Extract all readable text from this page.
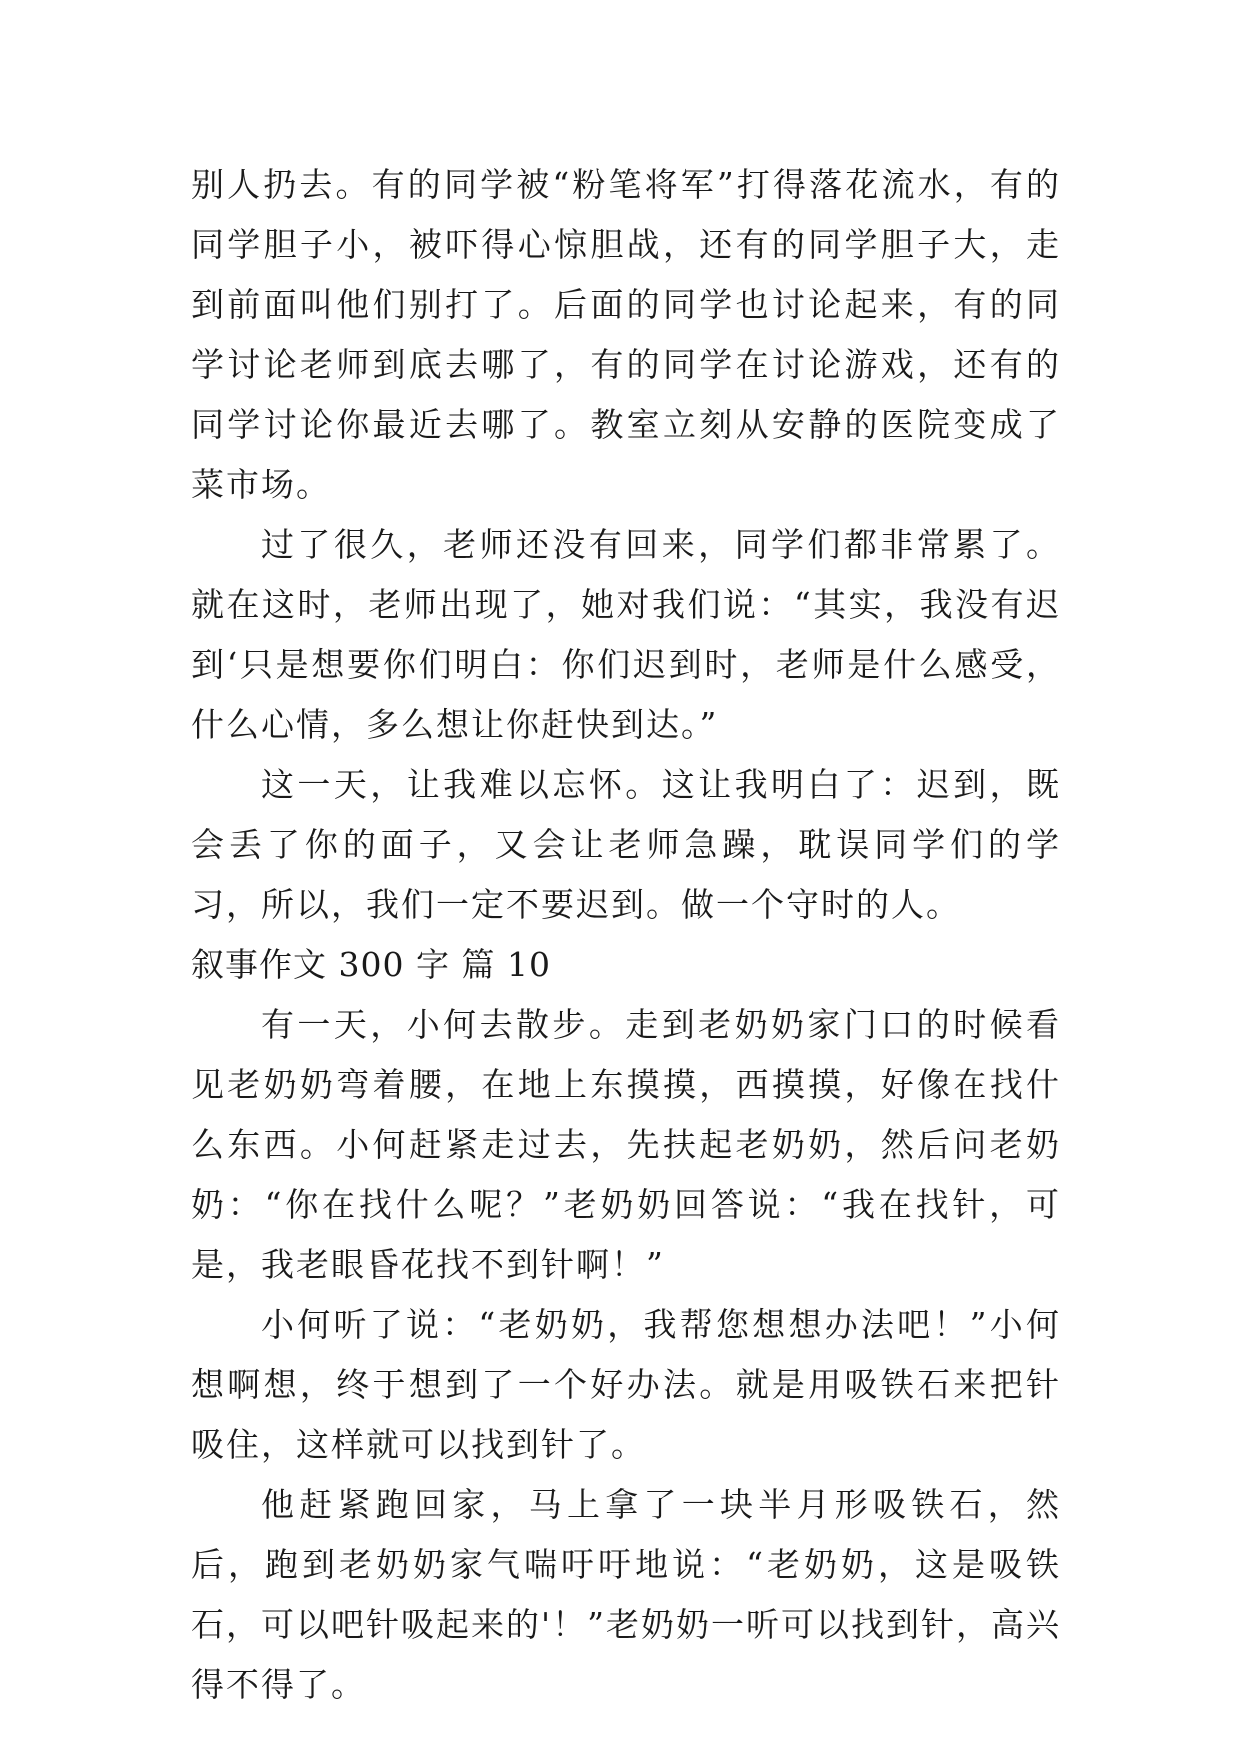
别人扔去。有的同学被“粉笔将军”打得落花流水，有的同学胆子小，被吓得心惊胆战，还有的同学胆子大，走到前面叫他们别打了。后面的同学也讨论起来，有的同学讨论老师到底去哪了，有的同学在讨论游戏，还有的同学讨论你最近去哪了。教室立刻从安静的医院变成了菜市场。

过了很久，老师还没有回来，同学们都非常累了。就在这时，老师出现了，她对我们说：“其实，我没有迟到‘只是想要你们明白：你们迟到时，老师是什么感受，什么心情，多么想让你赶快到达。”

这一天，让我难以忘怀。这让我明白了：迟到，既会丢了你的面子，又会让老师急躁，耽误同学们的学习，所以，我们一定不要迟到。做一个守时的人。

叙事作文 300 字 篇 10

有一天，小何去散步。走到老奶奶家门口的时候看见老奶奶弯着腰，在地上东摸摸，西摸摸，好像在找什么东西。小何赶紧走过去，先扶起老奶奶，然后问老奶奶：“你在找什么呢？”老奶奶回答说：“我在找针，可是，我老眼昏花找不到针啊！”

小何听了说：“老奶奶，我帮您想想办法吧！”小何想啊想，终于想到了一个好办法。就是用吸铁石来把针吸住，这样就可以找到针了。

他赶紧跑回家，马上拿了一块半月形吸铁石，然后，跑到老奶奶家气喘吁吁地说：“老奶奶，这是吸铁石，可以吧针吸起来的'！”老奶奶一听可以找到针，高兴得不得了。
